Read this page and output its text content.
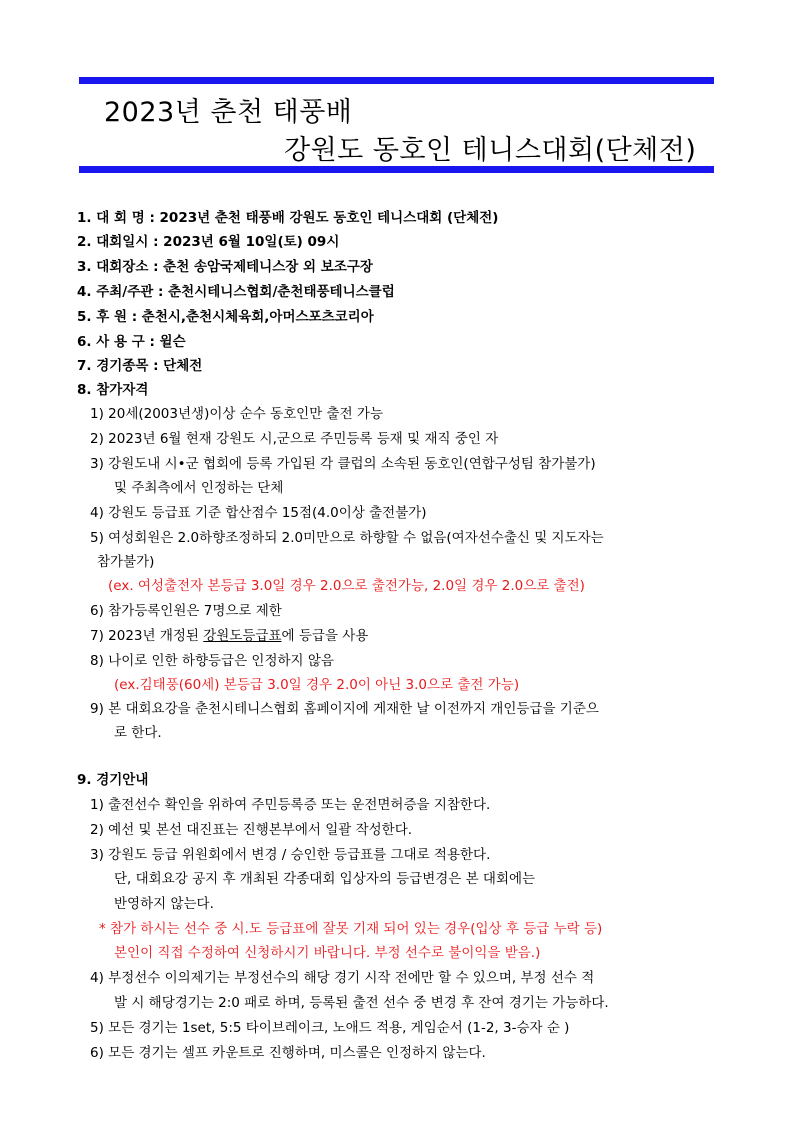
2023년 춘천 태풍배
강원도 동호인 테니스대회(단체전)
1. 대 회 명 : 2023년 춘천 태풍배 강원도 동호인 테니스대회 (단체전)
2. 대회일시 : 2023년 6월 10일(토) 09시
3. 대회장소 : 춘천 송암국제테니스장 외 보조구장
4. 주최/주관 : 춘천시테니스협회/춘천태풍테니스클럽
5. 후 원 : 춘천시,춘천시체육회,아머스포츠코리아
6. 사 용 구 : 윌슨
7. 경기종목 : 단체전
8. 참가자격
1) 20세(2003년생)이상 순수 동호인만 출전 가능
2) 2023년 6월 현재 강원도 시,군으로 주민등록 등재 및 재직 중인 자
3) 강원도내 시•군 협회에 등록 가입된 각 클럽의 소속된 동호인(연합구성팀 참가불가)
및 주최측에서 인정하는 단체
4) 강원도 등급표 기준 합산점수 15점(4.0이상 출전불가)
5) 여성회원은 2.0하향조정하되 2.0미만으로 하향할 수 없음(여자선수출신 및 지도자는
참가불가)
(ex. 여성출전자 본등급 3.0일 경우 2.0으로 출전가능, 2.0일 경우 2.0으로 출전)
6) 참가등록인원은 7명으로 제한
7) 2023년 개정된 강원도등급표에 등급을 사용
8) 나이로 인한 하향등급은 인정하지 않음
(ex.김태풍(60세) 본등급 3.0일 경우 2.0이 아닌 3.0으로 출전 가능)
9) 본 대회요강을 춘천시테니스협회 홈페이지에 게재한 날 이전까지 개인등급을 기준으
로 한다.
9. 경기안내
1) 출전선수 확인을 위하여 주민등록증 또는 운전면허증을 지참한다.
2) 예선 및 본선 대진표는 진행본부에서 일괄 작성한다.
3) 강원도 등급 위원회에서 변경 / 승인한 등급표를 그대로 적용한다.
단, 대회요강 공지 후 개최된 각종대회 입상자의 등급변경은 본 대회에는
반영하지 않는다.
* 참가 하시는 선수 중 시.도 등급표에 잘못 기재 되어 있는 경우(입상 후 등급 누락 등)
본인이 직접 수정하여 신청하시기 바랍니다. 부정 선수로 불이익을 받음.)
4) 부정선수 이의제기는 부정선수의 해당 경기 시작 전에만 할 수 있으며, 부정 선수 적
발 시 해당경기는 2:0 패로 하며, 등록된 출전 선수 중 변경 후 잔여 경기는 가능하다.
5) 모든 경기는 1set, 5:5 타이브레이크, 노애드 적용, 게임순서 (1-2, 3-승자 순 )
6) 모든 경기는 셀프 카운트로 진행하며, 미스콜은 인정하지 않는다.
